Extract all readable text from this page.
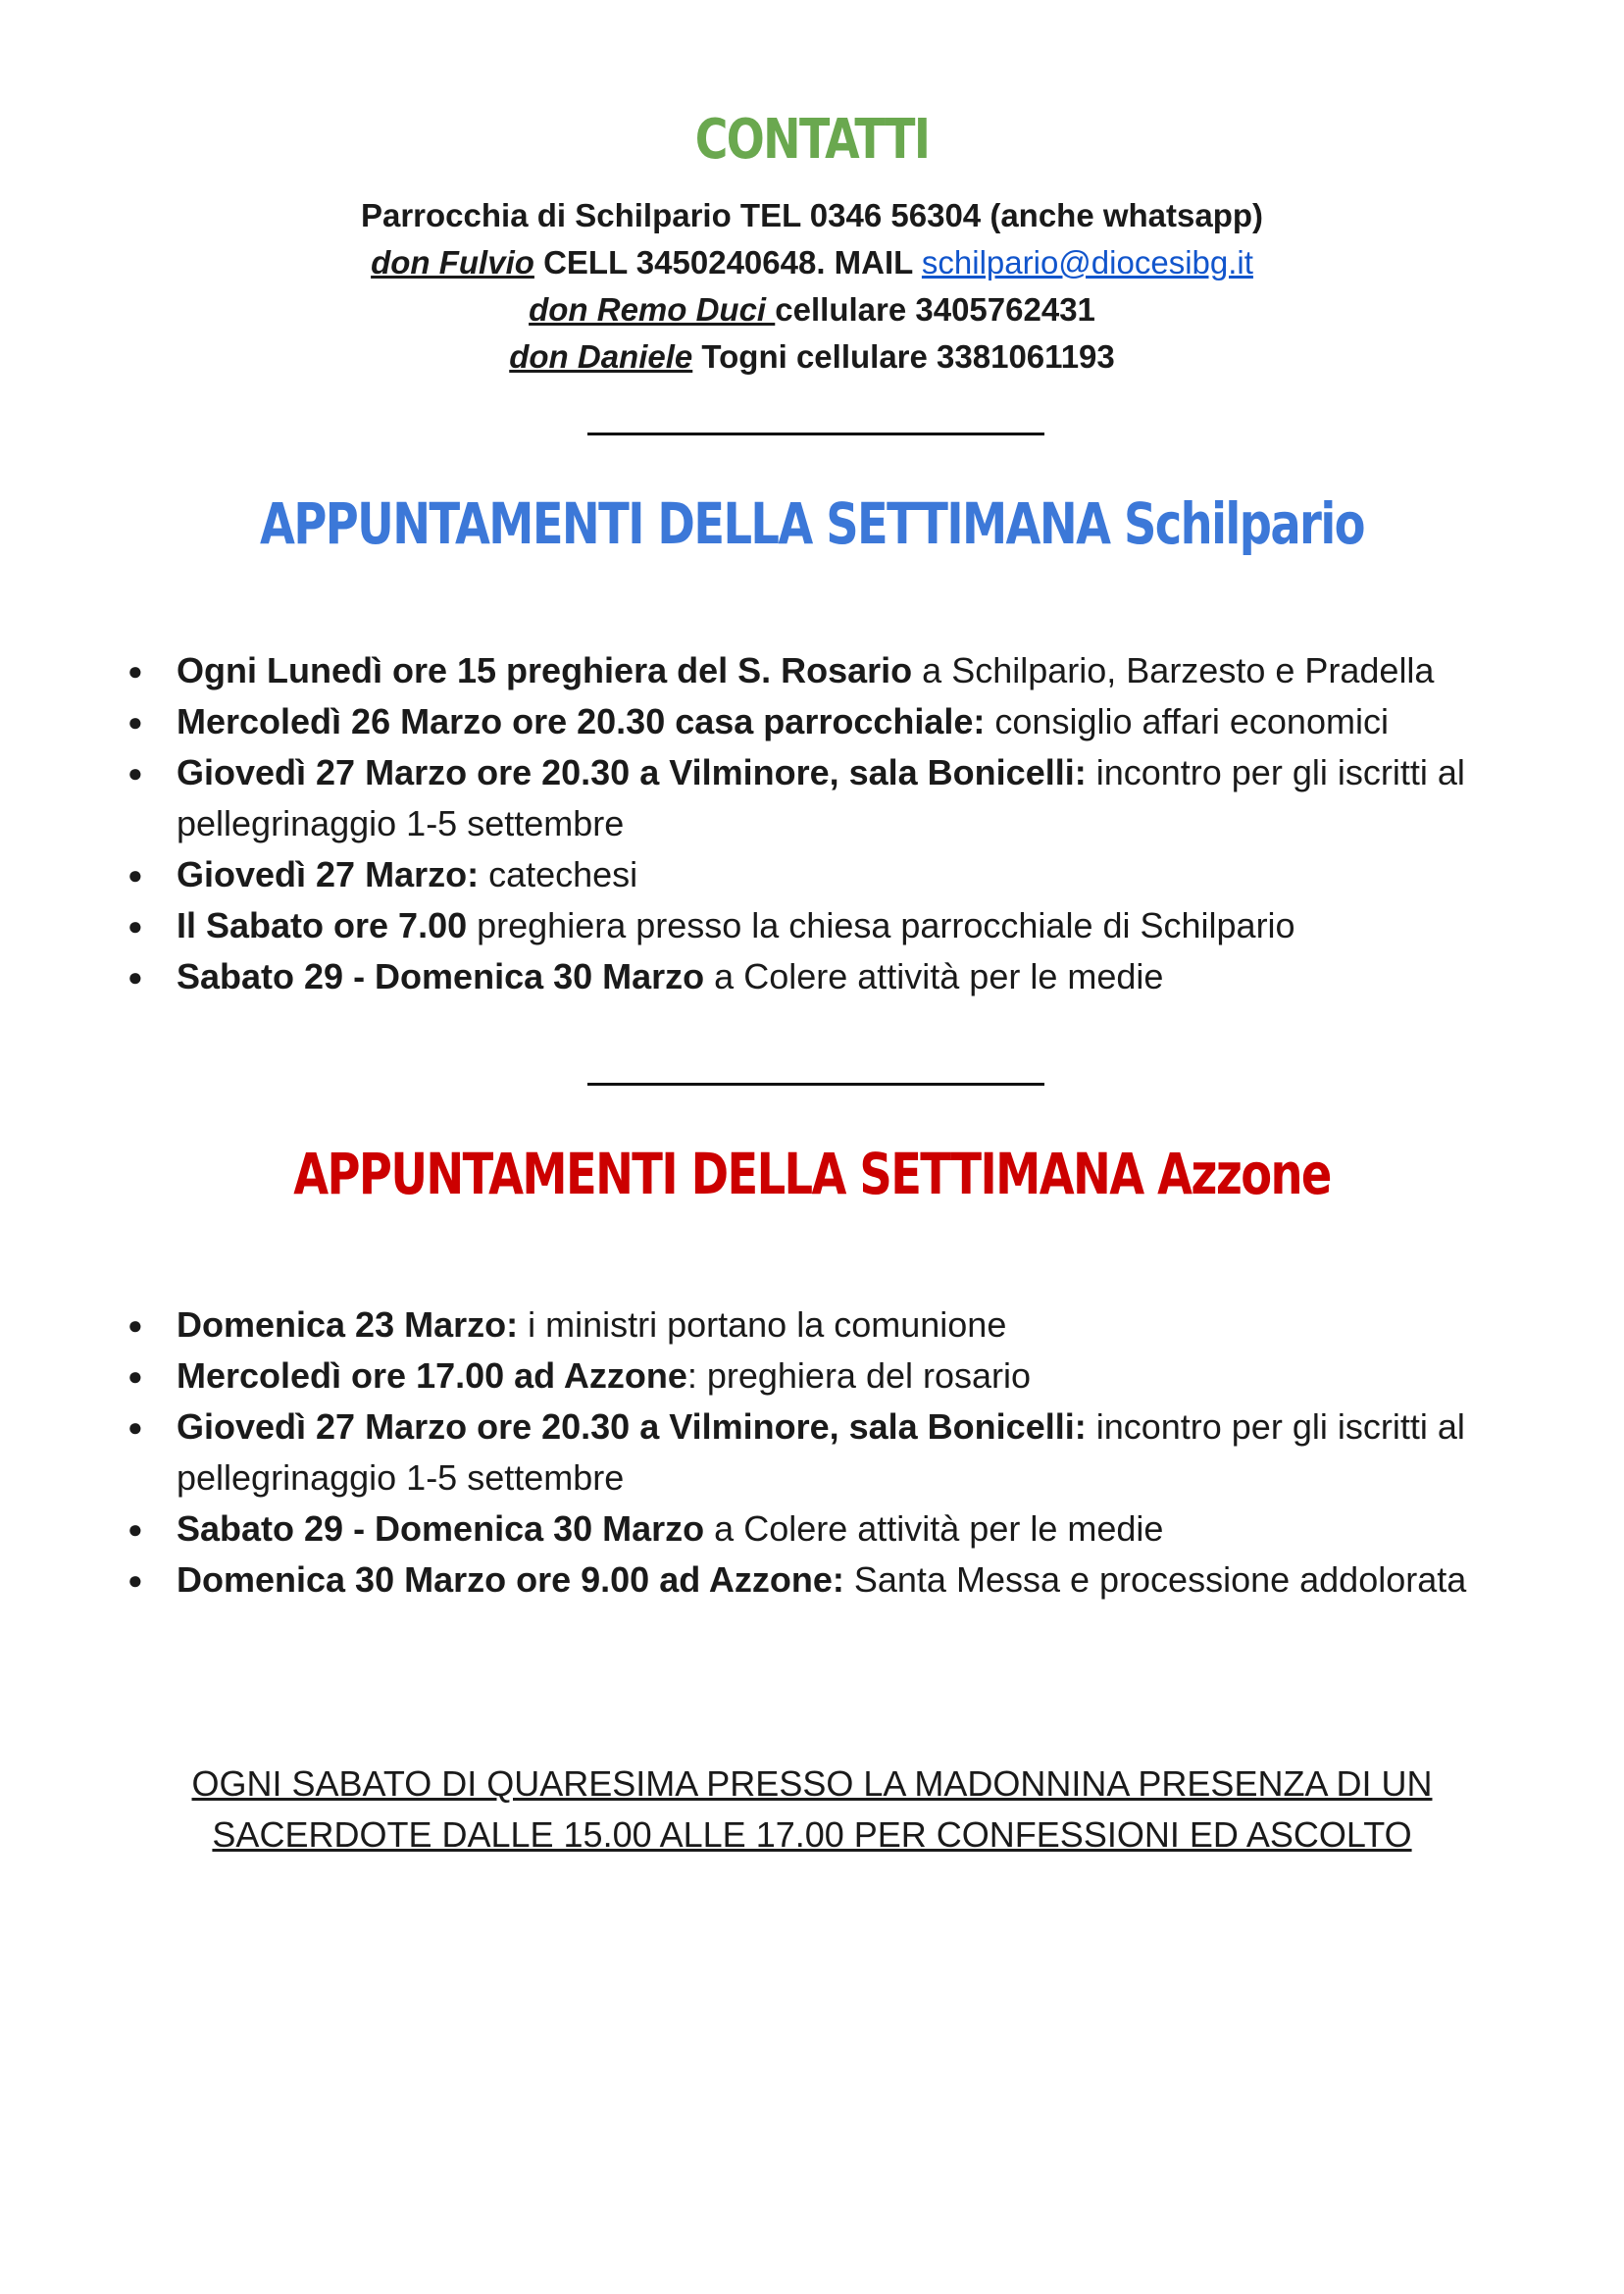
CONTATTI
Parrocchia di Schilpario TEL 0346 56304 (anche whatsapp)
don Fulvio CELL 3450240648. MAIL schilpario@diocesibg.it
don Remo Duci cellulare 3405762431
don Daniele Togni cellulare 3381061193
APPUNTAMENTI DELLA SETTIMANA Schilpario
● Ogni Lunedì ore 15 preghiera del S. Rosario a Schilpario, Barzesto e Pradella
● Mercoledì 26 Marzo ore 20.30 casa parrocchiale: consiglio affari economici
● Giovedì 27 Marzo ore 20.30 a Vilminore, sala Bonicelli: incontro per gli iscritti al pellegrinaggio 1-5 settembre
● Giovedì 27 Marzo: catechesi
● Il Sabato ore 7.00 preghiera presso la chiesa parrocchiale di Schilpario
● Sabato 29 - Domenica 30 Marzo a Colere attività per le medie
APPUNTAMENTI DELLA SETTIMANA Azzone
● Domenica 23 Marzo: i ministri portano la comunione
● Mercoledì ore 17.00 ad Azzone: preghiera del rosario
● Giovedì 27 Marzo ore 20.30 a Vilminore, sala Bonicelli: incontro per gli iscritti al pellegrinaggio 1-5 settembre
● Sabato 29 - Domenica 30 Marzo a Colere attività per le medie
● Domenica 30 Marzo ore 9.00 ad Azzone: Santa Messa e processione addolorata
OGNI SABATO DI QUARESIMA PRESSO LA MADONNINA PRESENZA DI UN
SACERDOTE DALLE 15.00 ALLE 17.00 PER CONFESSIONI ED ASCOLTO
